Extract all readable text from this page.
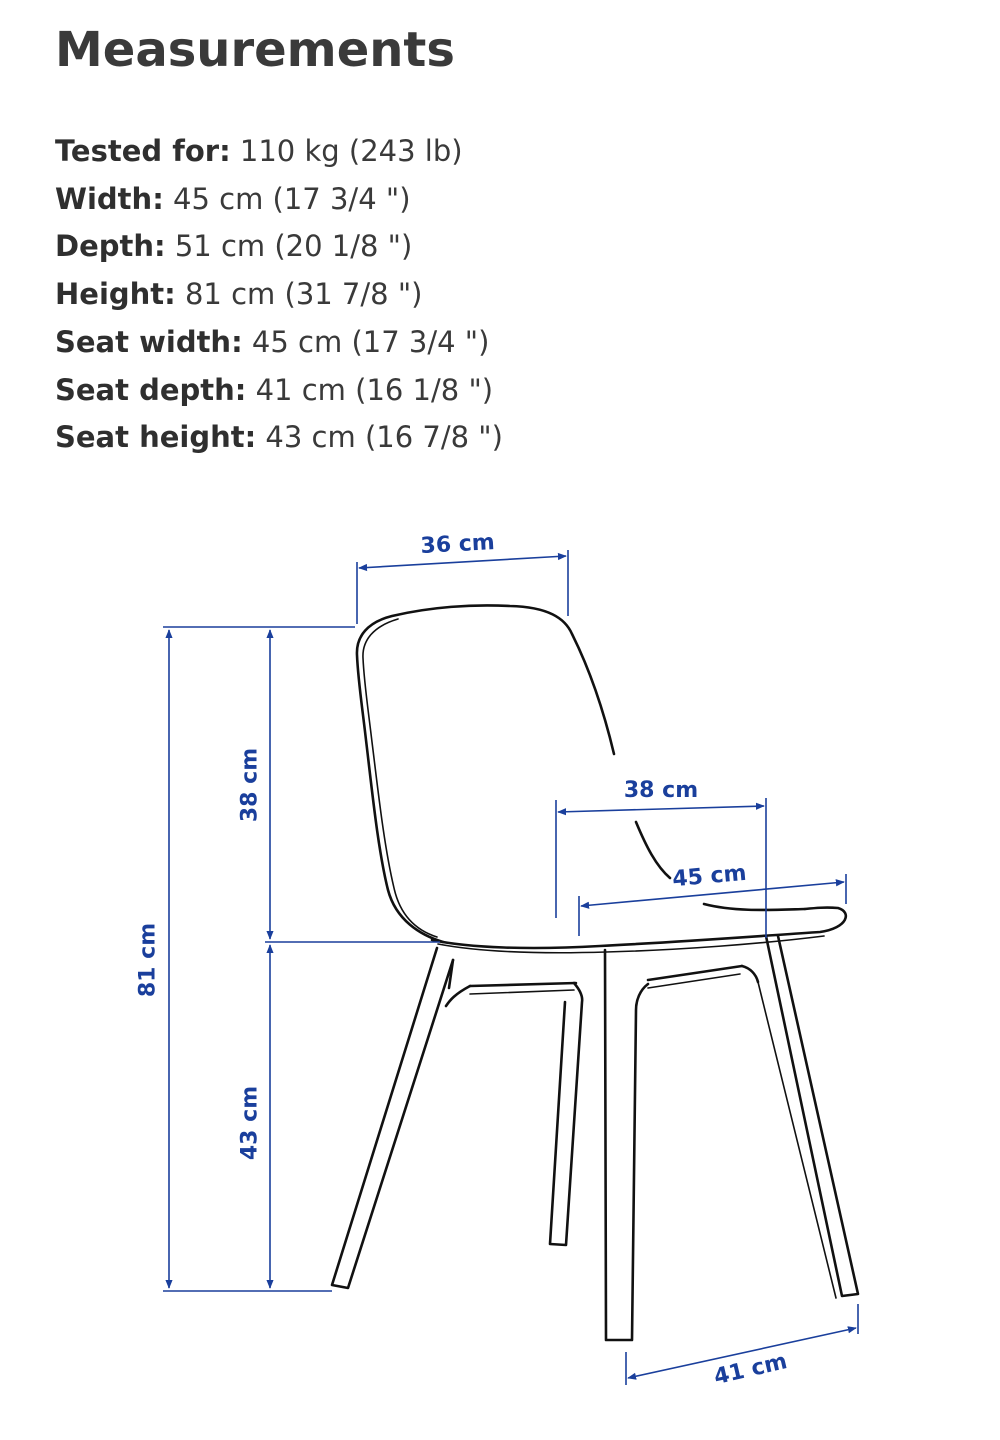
Measurements
Tested for: 110 kg (243 lb)
Width: 45 cm (17 3/4 ")
Depth: 51 cm (20 1/8 ")
Height: 81 cm (31 7/8 ")
Seat width: 45 cm (17 3/4 ")
Seat depth: 41 cm (16 1/8 ")
Seat height: 43 cm (16 7/8 ")
36 cm
81 cm
38 cm
43 cm
38 cm
45 cm
41 cm
